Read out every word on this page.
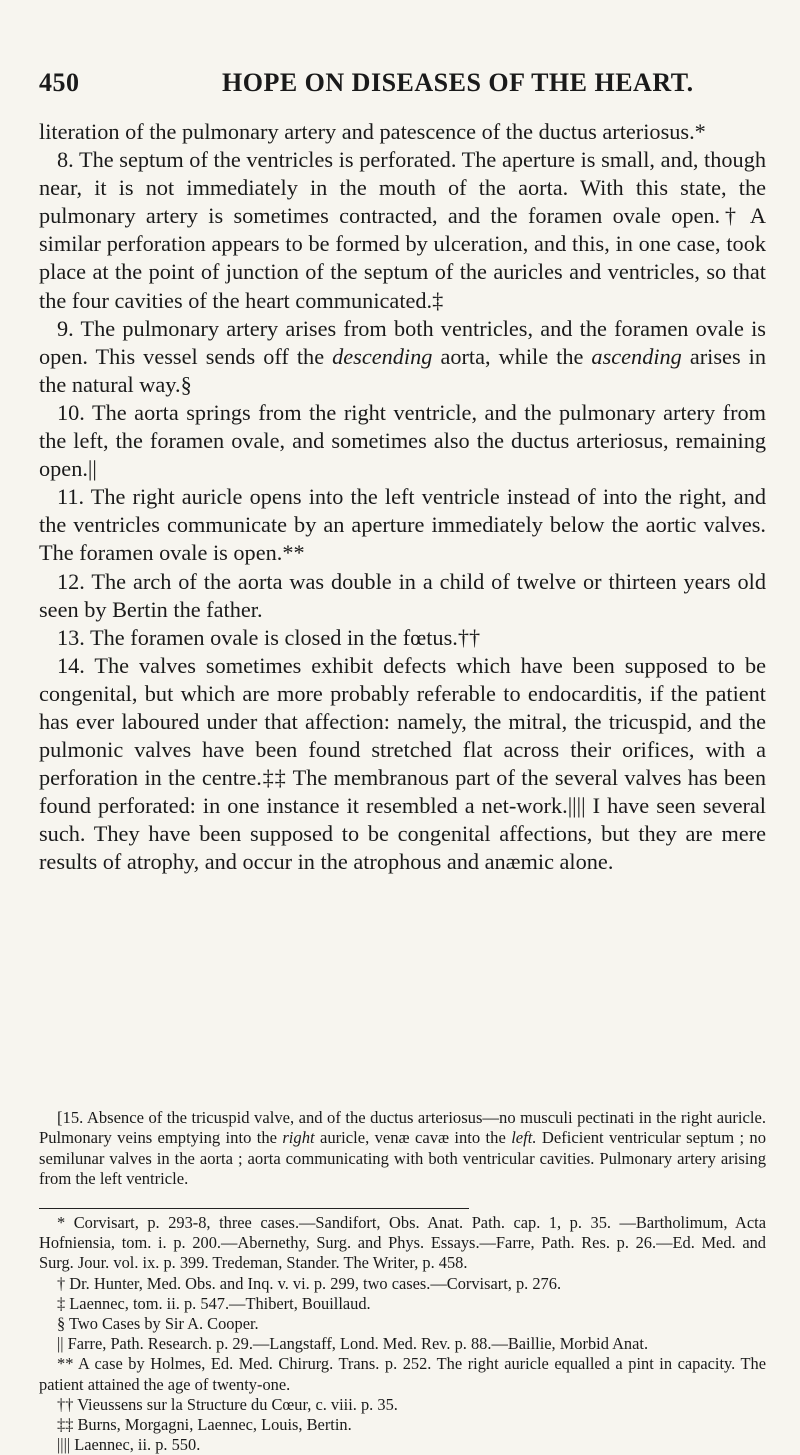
450	HOPE ON DISEASES OF THE HEART.

literation of the pulmonary artery and patescence of the ductus arteriosus.*

8. The septum of the ventricles is perforated. The aperture is small, and, though near, it is not immediately in the mouth of the aorta. With this state, the pulmonary artery is sometimes contracted, and the foramen ovale open.† A similar perforation appears to be formed by ulceration, and this, in one case, took place at the point of junction of the septum of the auricles and ventricles, so that the four cavities of the heart communicated.‡

9. The pulmonary artery arises from both ventricles, and the foramen ovale is open. This vessel sends off the descending aorta, while the ascending arises in the natural way.§

10. The aorta springs from the right ventricle, and the pulmonary artery from the left, the foramen ovale, and sometimes also the ductus arteriosus, remaining open.||

11. The right auricle opens into the left ventricle instead of into the right, and the ventricles communicate by an aperture immediately below the aortic valves. The foramen ovale is open.**

12. The arch of the aorta was double in a child of twelve or thirteen years old seen by Bertin the father.

13. The foramen ovale is closed in the fœtus.††

14. The valves sometimes exhibit defects which have been supposed to be congenital, but which are more probably referable to endocarditis, if the patient has ever laboured under that affection: namely, the mitral, the tricuspid, and the pulmonic valves have been found stretched flat across their orifices, with a perforation in the centre.‡‡ The membranous part of the several valves has been found perforated: in one instance it resembled a net-work.|||| I have seen several such. They have been supposed to be congenital affections, but they are mere results of atrophy, and occur in the atrophous and anæmic alone.

[15. Absence of the tricuspid valve, and of the ductus arteriosus—no musculi pectinati in the right auricle. Pulmonary veins emptying into the right auricle, venæ cavæ into the left. Deficient ventricular septum ; no semilunar valves in the aorta ; aorta communicating with both ventricular cavities. Pulmonary artery arising from the left ventricle.

* Corvisart, p. 293-8, three cases.—Sandifort, Obs. Anat. Path. cap. 1, p. 35. —Bartholimum, Acta Hofniensia, tom. i. p. 200.—Abernethy, Surg. and Phys. Essays.—Farre, Path. Res. p. 26.—Ed. Med. and Surg. Jour. vol. ix. p. 399. Tredeman, Stander. The Writer, p. 458.

† Dr. Hunter, Med. Obs. and Inq. v. vi. p. 299, two cases.—Corvisart, p. 276.

‡ Laennec, tom. ii. p. 547.—Thibert, Bouillaud.

§ Two Cases by Sir A. Cooper.

|| Farre, Path. Research. p. 29.—Langstaff, Lond. Med. Rev. p. 88.—Baillie, Morbid Anat.

** A case by Holmes, Ed. Med. Chirurg. Trans. p. 252. The right auricle equalled a pint in capacity. The patient attained the age of twenty-one.

†† Vieussens sur la Structure du Cœur, c. viii. p. 35.

‡‡ Burns, Morgagni, Laennec, Louis, Bertin.

|||| Laennec, ii. p. 550.
